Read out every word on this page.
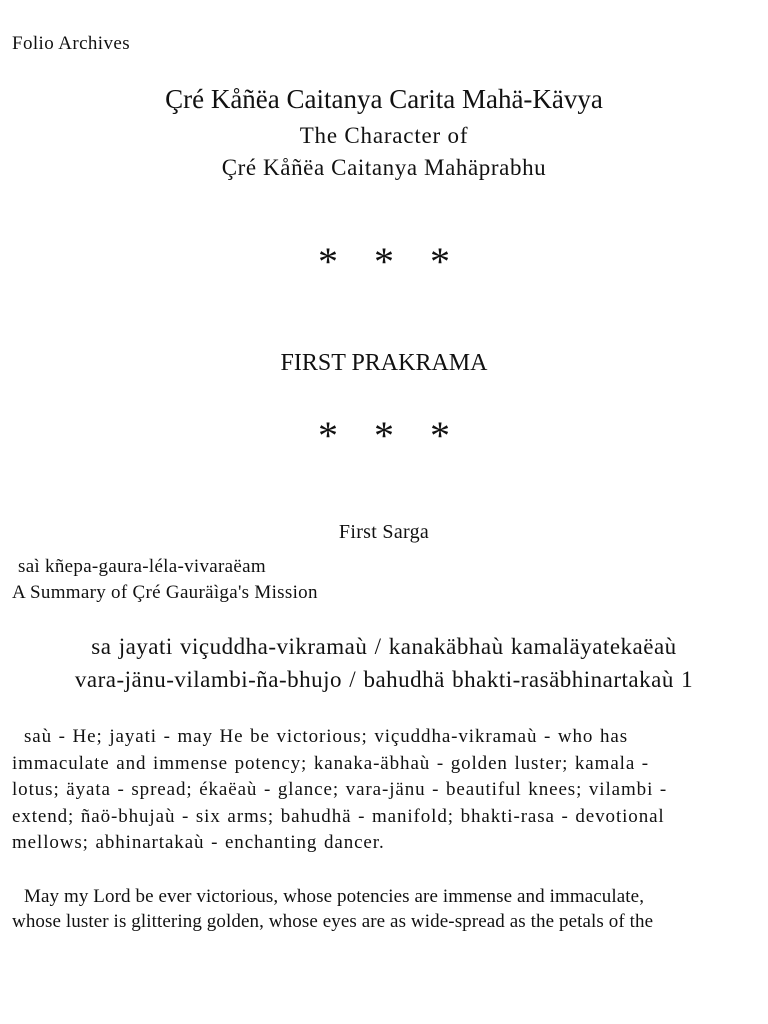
Folio Archives
Çré Kåñëa Caitanya Carita Mahä-Kävya
The Character of
Çré Kåñëa Caitanya Mahäprabhu
* * *
FIRST PRAKRAMA
* * *
First Sarga
saì kñepa-gaura-léla-vivaraëam
A Summary of Çré Gauräìga's Mission
sa jayati viçuddha-vikramaù / kanakäbhaù kamaläyatekaëaù
vara-jänu-vilambi-ña-bhujo / bahudhä bhakti-rasäbhinartakaù 1
saù - He; jayati - may He be victorious; viçuddha-vikramaù - who has
immaculate and immense potency; kanaka-äbhaù - golden luster; kamala -
lotus; äyata - spread; ékaëaù - glance; vara-jänu - beautiful knees; vilambi -
extend; ñaö-bhujaù - six arms; bahudhä - manifold; bhakti-rasa - devotional
mellows; abhinartakaù - enchanting dancer.
May my Lord be ever victorious, whose potencies are immense and immaculate,
whose luster is glittering golden, whose eyes are as wide-spread as the petals of the
